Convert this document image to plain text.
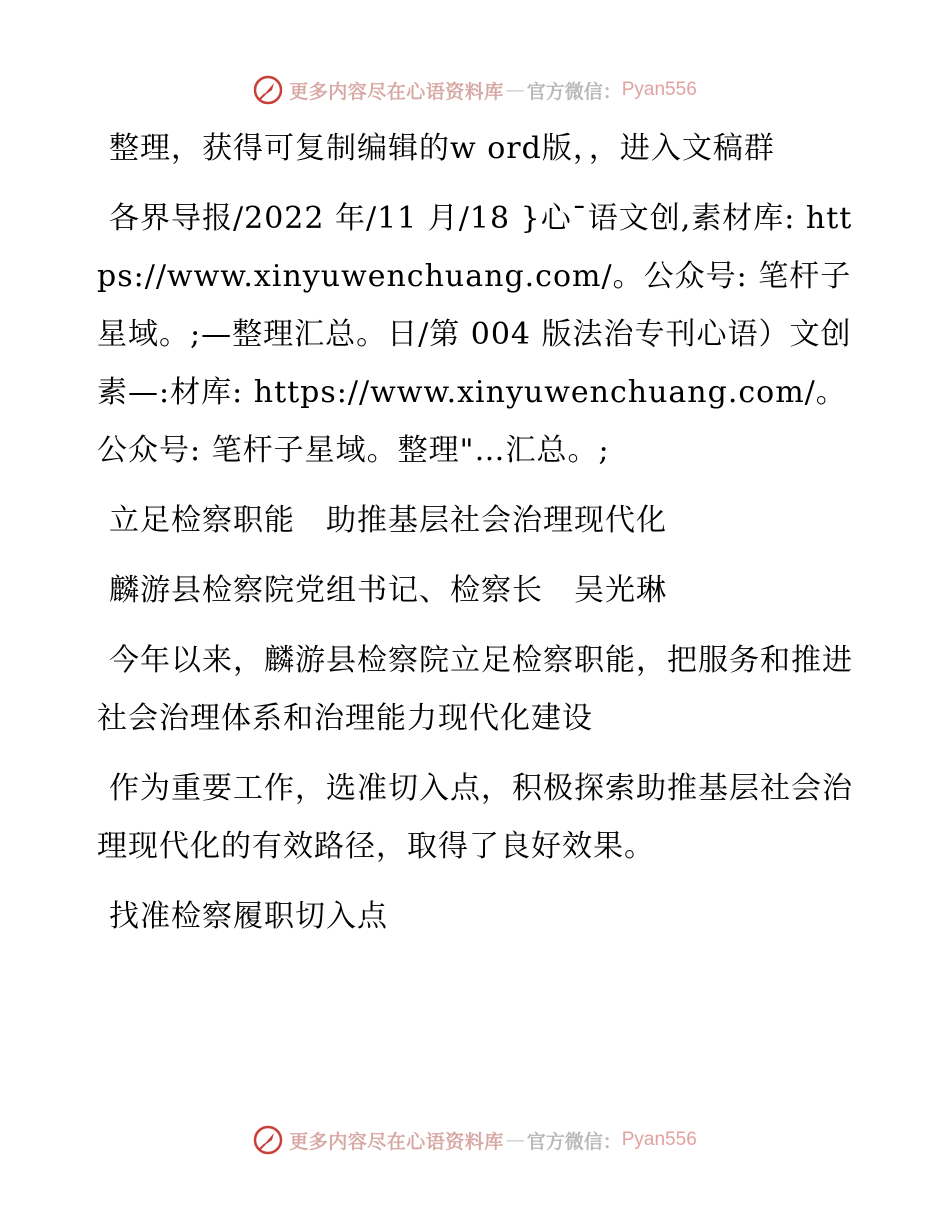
更多内容尽在心语资料库 — 官方微信： Pyan556

整理，获得可复制编辑的w ord版，，进入文稿群

各界导报/2022 年/11 月/18 }心¯语文创,素材库: https://www.xinyuwenchuang.com/。公众号: 笔杆子星域。;—整理汇总。日/第 004 版法治专刊心语）文创素—:材库: https://www.xinyuwenchuang.com/。公众号: 笔杆子星域。整理"…汇总。;

立足检察职能　助推基层社会治理现代化

麟游县检察院党组书记、检察长　吴光琳

今年以来，麟游县检察院立足检察职能，把服务和推进社会治理体系和治理能力现代化建设

作为重要工作，选准切入点，积极探索助推基层社会治理现代化的有效路径，取得了良好效果。

找准检察履职切入点

更多内容尽在心语资料库 — 官方微信： Pyan556
